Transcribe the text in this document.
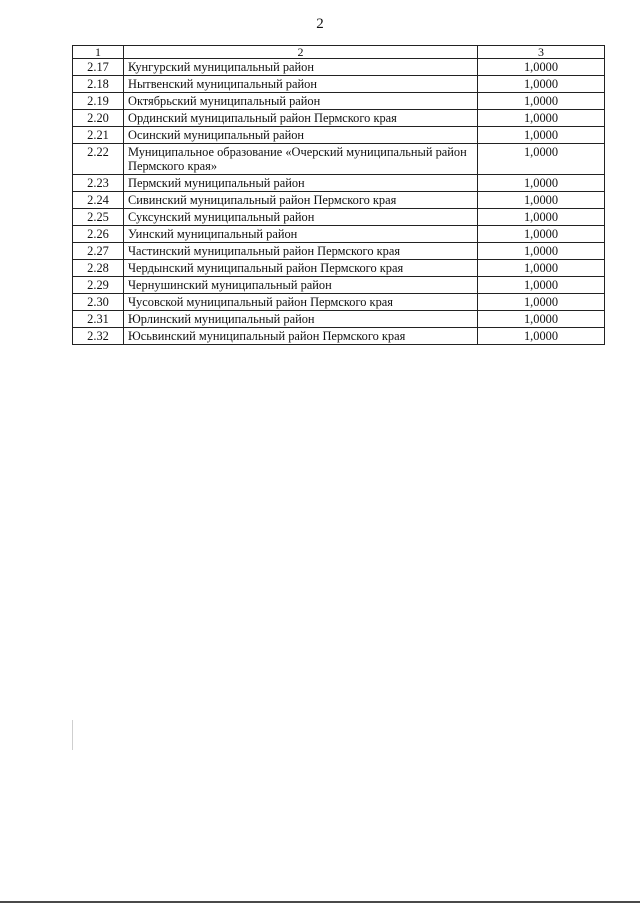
2
1	2	3
2.17	Кунгурский муниципальный район	1,0000
2.18	Нытвенский муниципальный район	1,0000
2.19	Октябрьский муниципальный район	1,0000
2.20	Ординский муниципальный район Пермского края	1,0000
2.21	Осинский муниципальный район	1,0000
2.22	Муниципальное образование «Очерский муниципальный район Пермского края»	1,0000
2.23	Пермский муниципальный район	1,0000
2.24	Сивинский муниципальный район Пермского края	1,0000
2.25	Суксунский муниципальный район	1,0000
2.26	Уинский муниципальный район	1,0000
2.27	Частинский муниципальный район Пермского края	1,0000
2.28	Чердынский муниципальный район Пермского края	1,0000
2.29	Чернушинский муниципальный район	1,0000
2.30	Чусовской муниципальный район Пермского края	1,0000
2.31	Юрлинский муниципальный район	1,0000
2.32	Юсьвинский муниципальный район Пермского края	1,0000
